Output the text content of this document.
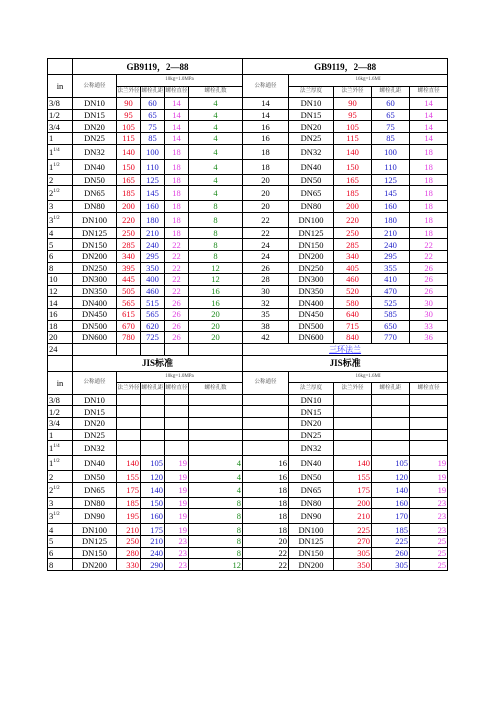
	GB9119，2—88					GB9119，2—88					
in	公称通径	10kg=1.0MPa				公称通径	16kg=1.6MI				
		法兰外径	螺栓孔距	螺栓直径	螺栓孔数		法兰厚度	法兰外径	螺栓孔距	螺栓直径	
3/8	DN10	90	60	14	4	14	DN10	90	60	14	
1/2	DN15	95	65	14	4	14	DN15	95	65	14	
3/4	DN20	105	75	14	4	16	DN20	105	75	14	
1	DN25	115	85	14	4	16	DN25	115	85	14	
$1^{1/4}$	DN32	140	100	18	4	18	DN32	140	100	18	
$1^{1/2}$	DN40	150	110	18	4	18	DN40	150	110	18	
2	DN50	165	125	18	4	20	DN50	165	125	18	
$2^{1/2}$	DN65	185	145	18	4	20	DN65	185	145	18	
3	DN80	200	160	18	8	20	DN80	200	160	18	
$3^{1/2}$	DN100	220	180	18	8	22	DN100	220	180	18	
4	DN125	250	210	18	8	22	DN125	250	210	18	
5	DN150	285	240	22	8	24	DN150	285	240	22	
6	DN200	340	295	22	8	24	DN200	340	295	22	
8	DN250	395	350	22	12	26	DN250	405	355	26	
10	DN300	445	400	22	12	28	DN300	460	410	26	
12	DN350	505	460	22	16	30	DN350	520	470	26	
14	DN400	565	515	26	16	32	DN400	580	525	30	
16	DN450	615	565	26	20	35	DN450	640	585	30	
18	DN500	670	620	26	20	38	DN500	715	650	33	
20	DN600	780	725	26	20	42	DN600	840	770	36	
24						三环法兰					
	JIS标准					JIS标准					
in	公称通径	10kg=1.0MPa				公称通径	16kg=1.6MI				
		法兰外径	螺栓孔距	螺栓直径	螺栓孔数		法兰厚度	法兰外径	螺栓孔距	螺栓直径	
3/8	DN10						DN10				
1/2	DN15						DN15				
3/4	DN20						DN20				
1	DN25						DN25				
$1^{1/4}$	DN32						DN32				
$1^{1/2}$	DN40	140	105	19	4	16	DN40	140	105	19	
2	DN50	155	120	19	4	16	DN50	155	120	19	
$2^{1/2}$	DN65	175	140	19	4	18	DN65	175	140	19	
3	DN80	185	150	19	8	18	DN80	200	160	23	
$3^{1/2}$	DN90	195	160	19	8	18	DN90	210	170	23	
4	DN100	210	175	19	8	18	DN100	225	185	23	
5	DN125	250	210	23	8	20	DN125	270	225	25	
6	DN150	280	240	23	8	22	DN150	305	260	25	
8	DN200	330	290	23	12	22	DN200	350	305	25	
